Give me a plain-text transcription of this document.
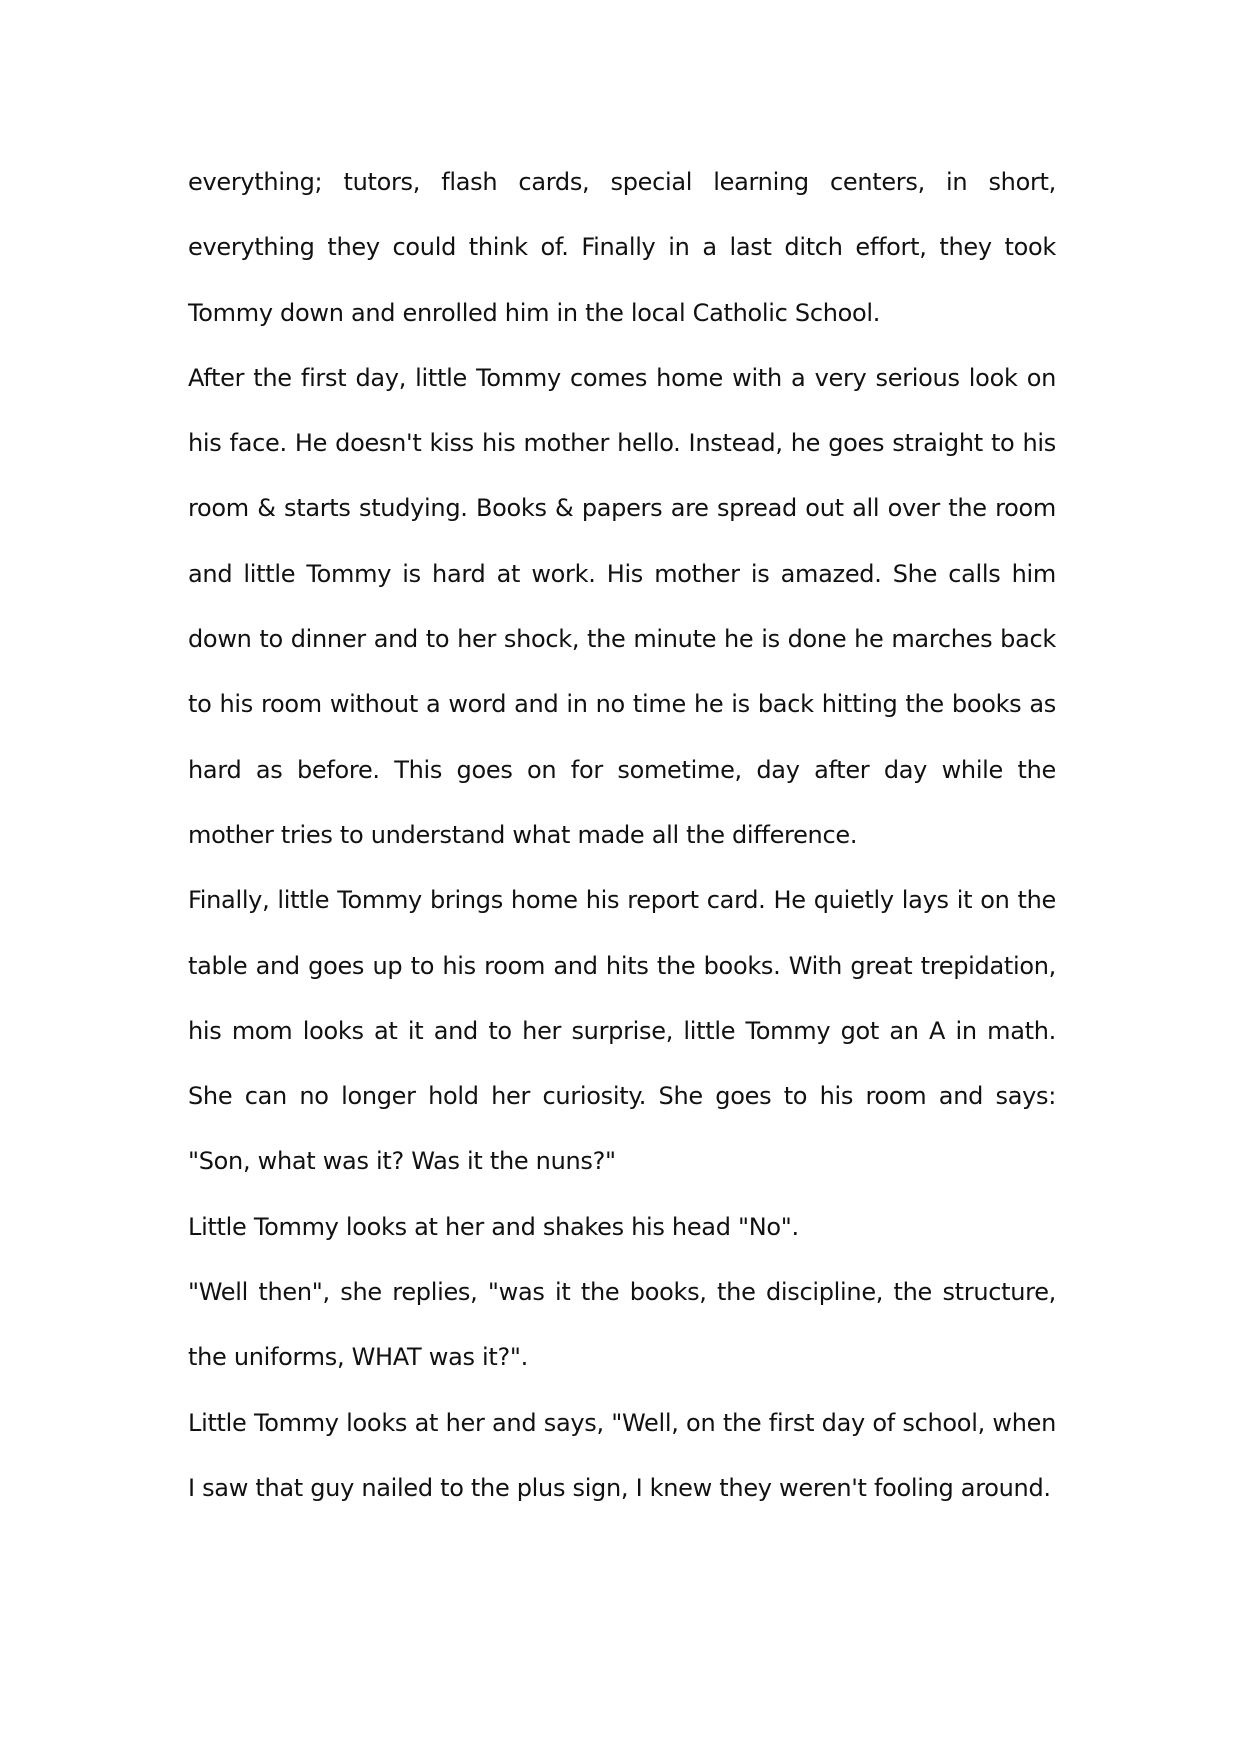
everything; tutors, flash cards, special learning centers, in short, everything they could think of. Finally in a last ditch effort, they took Tommy down and enrolled him in the local Catholic School.

After the first day, little Tommy comes home with a very serious look on his face. He doesn't kiss his mother hello. Instead, he goes straight to his room & starts studying. Books & papers are spread out all over the room and little Tommy is hard at work. His mother is amazed. She calls him down to dinner and to her shock, the minute he is done he marches back to his room without a word and in no time he is back hitting the books as hard as before. This goes on for sometime, day after day while the mother tries to understand what made all the difference.

Finally, little Tommy brings home his report card. He quietly lays it on the table and goes up to his room and hits the books. With great trepidation, his mom looks at it and to her surprise, little Tommy got an A in math. She can no longer hold her curiosity. She goes to his room and says: "Son, what was it? Was it the nuns?"

Little Tommy looks at her and shakes his head "No".

"Well then", she replies, "was it the books, the discipline, the structure, the uniforms, WHAT was it?".

Little Tommy looks at her and says, "Well, on the first day of school, when I saw that guy nailed to the plus sign, I knew they weren't fooling around.
